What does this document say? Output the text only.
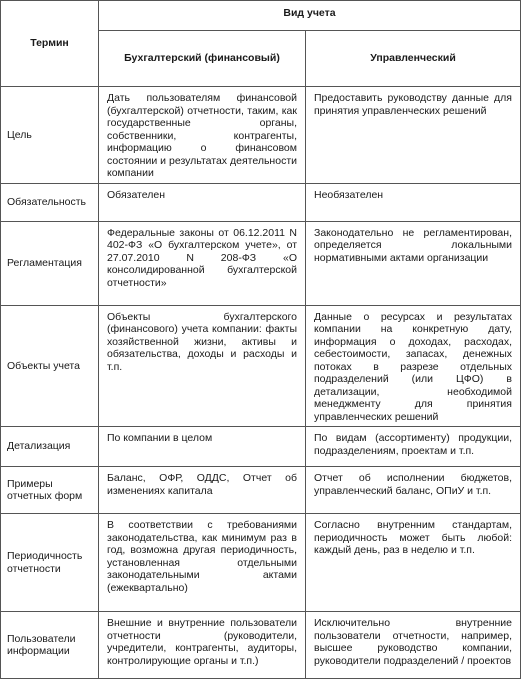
Термин	Вид учета	
	Бухгалтерский (финансовый)	Управленческий
Цель	Дать пользователям финансовой (бухгалтерской) отчетности, таким, как государственные органы, собственники, контрагенты, информацию о финансовом состоянии и результатах деятельности компании	Предоставить руководству данные для принятия управленческих решений
Обязательность	Обязателен	Необязателен
Регламентация	Федеральные законы от 06.12.2011 N 402-ФЗ «О бухгалтерском учете», от 27.07.2010 N 208-ФЗ «О консолидированной бухгалтерской отчетности»	Законодательно не регламентирован, определяется локальными нормативными актами организации
Объекты учета	Объекты бухгалтерского (финансового) учета компании: факты хозяйственной жизни, активы и обязательства, доходы и расходы и т.п.	Данные о ресурсах и результатах компании на конкретную дату, информация о доходах, расходах, себестоимости, запасах, денежных потоках в разрезе отдельных подразделений (или ЦФО) в детализации, необходимой менеджменту для принятия управленческих решений
Детализация	По компании в целом	По видам (ассортименту) продукции, подразделениям, проектам и т.п.
Примеры отчетных форм	Баланс, ОФР, ОДДС, Отчет об изменениях капитала	Отчет об исполнении бюджетов, управленческий баланс, ОПиУ и т.п.
Периодичность отчетности	В соответствии с требованиями законодательства, как минимум раз в год, возможна другая периодичность, установленная отдельными законодательными актами (ежеквартально)	Согласно внутренним стандартам, периодичность может быть любой: каждый день, раз в неделю и т.п.
Пользователи информации	Внешние и внутренние пользователи отчетности (руководители, учредители, контрагенты, аудиторы, контролирующие органы и т.п.)	Исключительно внутренние пользователи отчетности, например, высшее руководство компании, руководители подразделений / проектов
